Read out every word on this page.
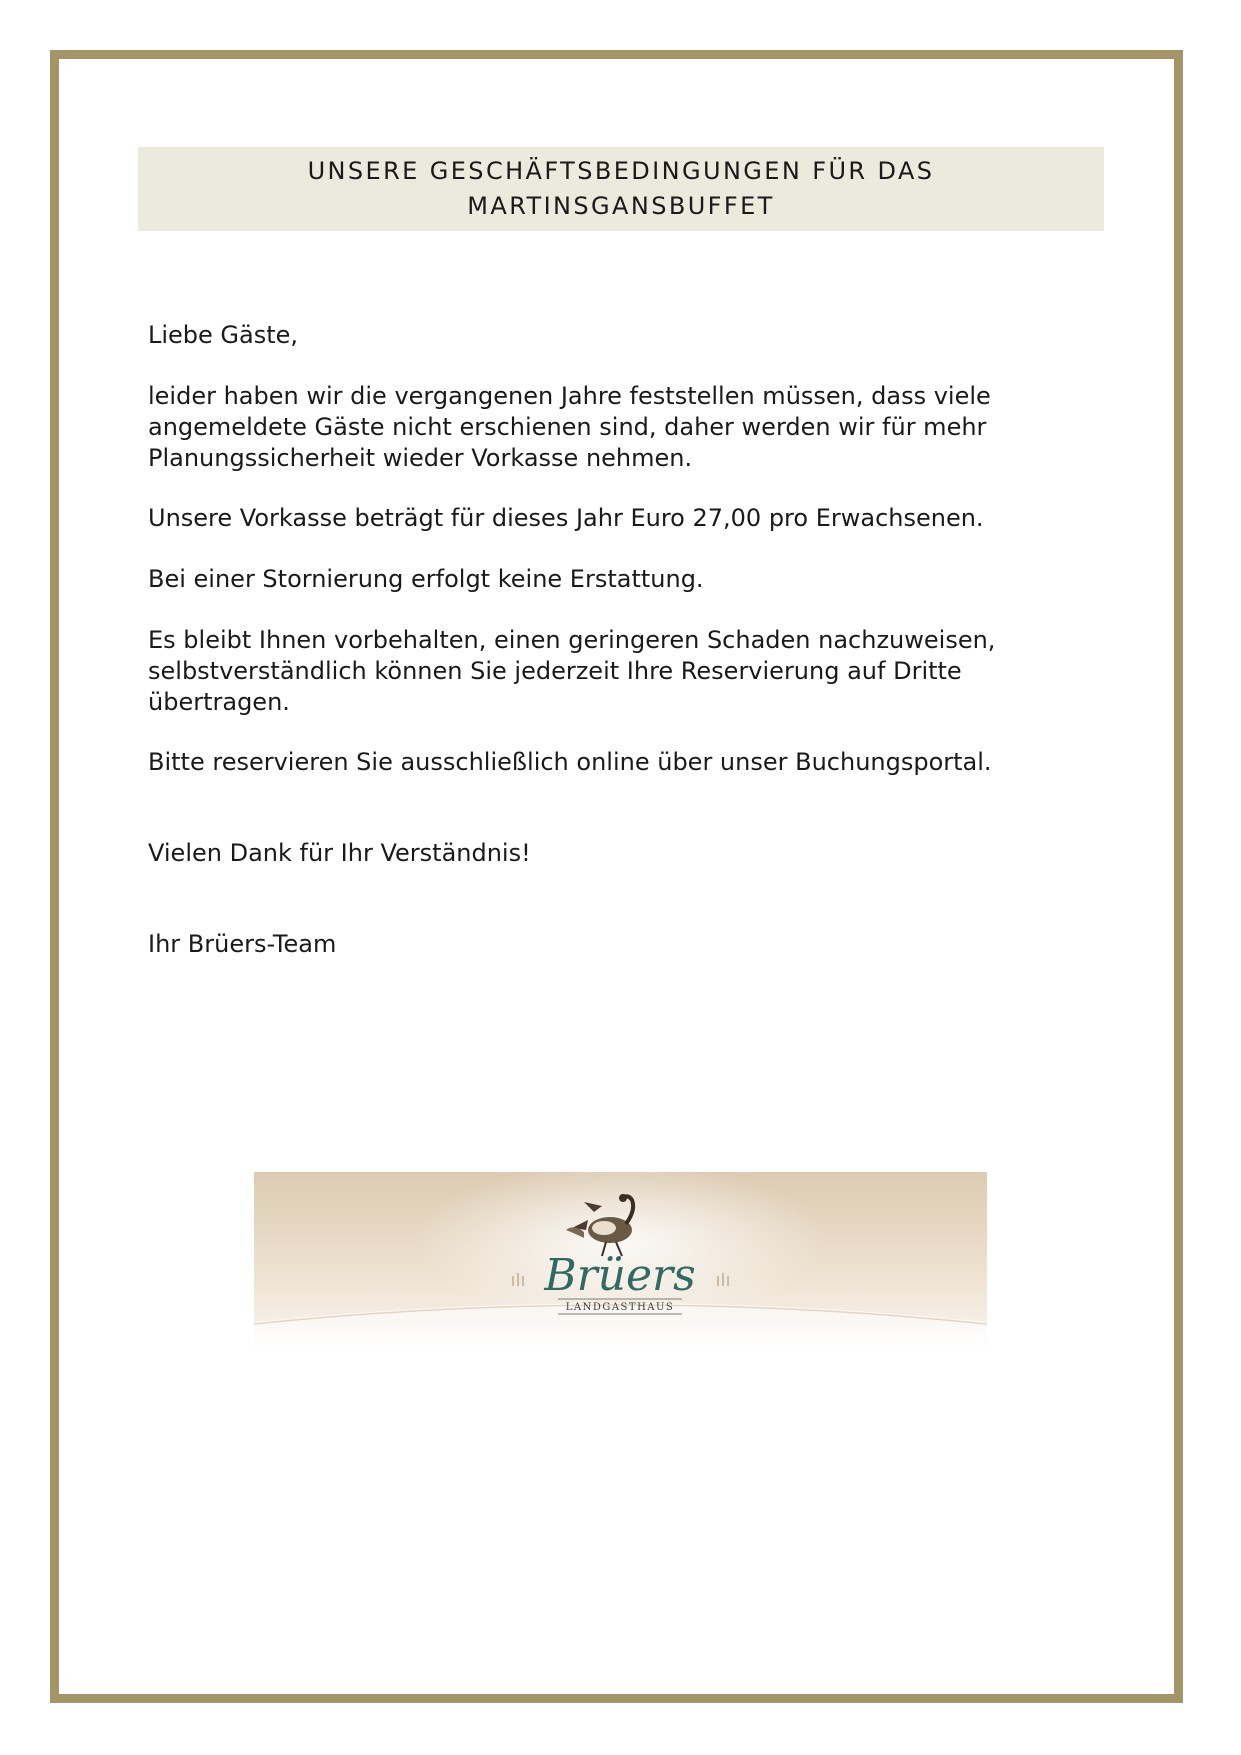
UNSERE GESCHÄFTSBEDINGUNGEN FÜR DAS
MARTINSGANSBUFFET
Liebe Gäste,
leider haben wir die vergangenen Jahre feststellen müssen, dass viele
angemeldete Gäste nicht erschienen sind, daher werden wir für mehr
Planungssicherheit wieder Vorkasse nehmen.
Unsere Vorkasse beträgt für dieses Jahr Euro 27,00 pro Erwachsenen.
Bei einer Stornierung erfolgt keine Erstattung.
Es bleibt Ihnen vorbehalten, einen geringeren Schaden nachzuweisen,
selbstverständlich können Sie jederzeit Ihre Reservierung auf Dritte
übertragen.
Bitte reservieren Sie ausschließlich online über unser Buchungsportal.
Vielen Dank für Ihr Verständnis!
Ihr Brüers-Team
Brüers
LANDGASTHAUS
